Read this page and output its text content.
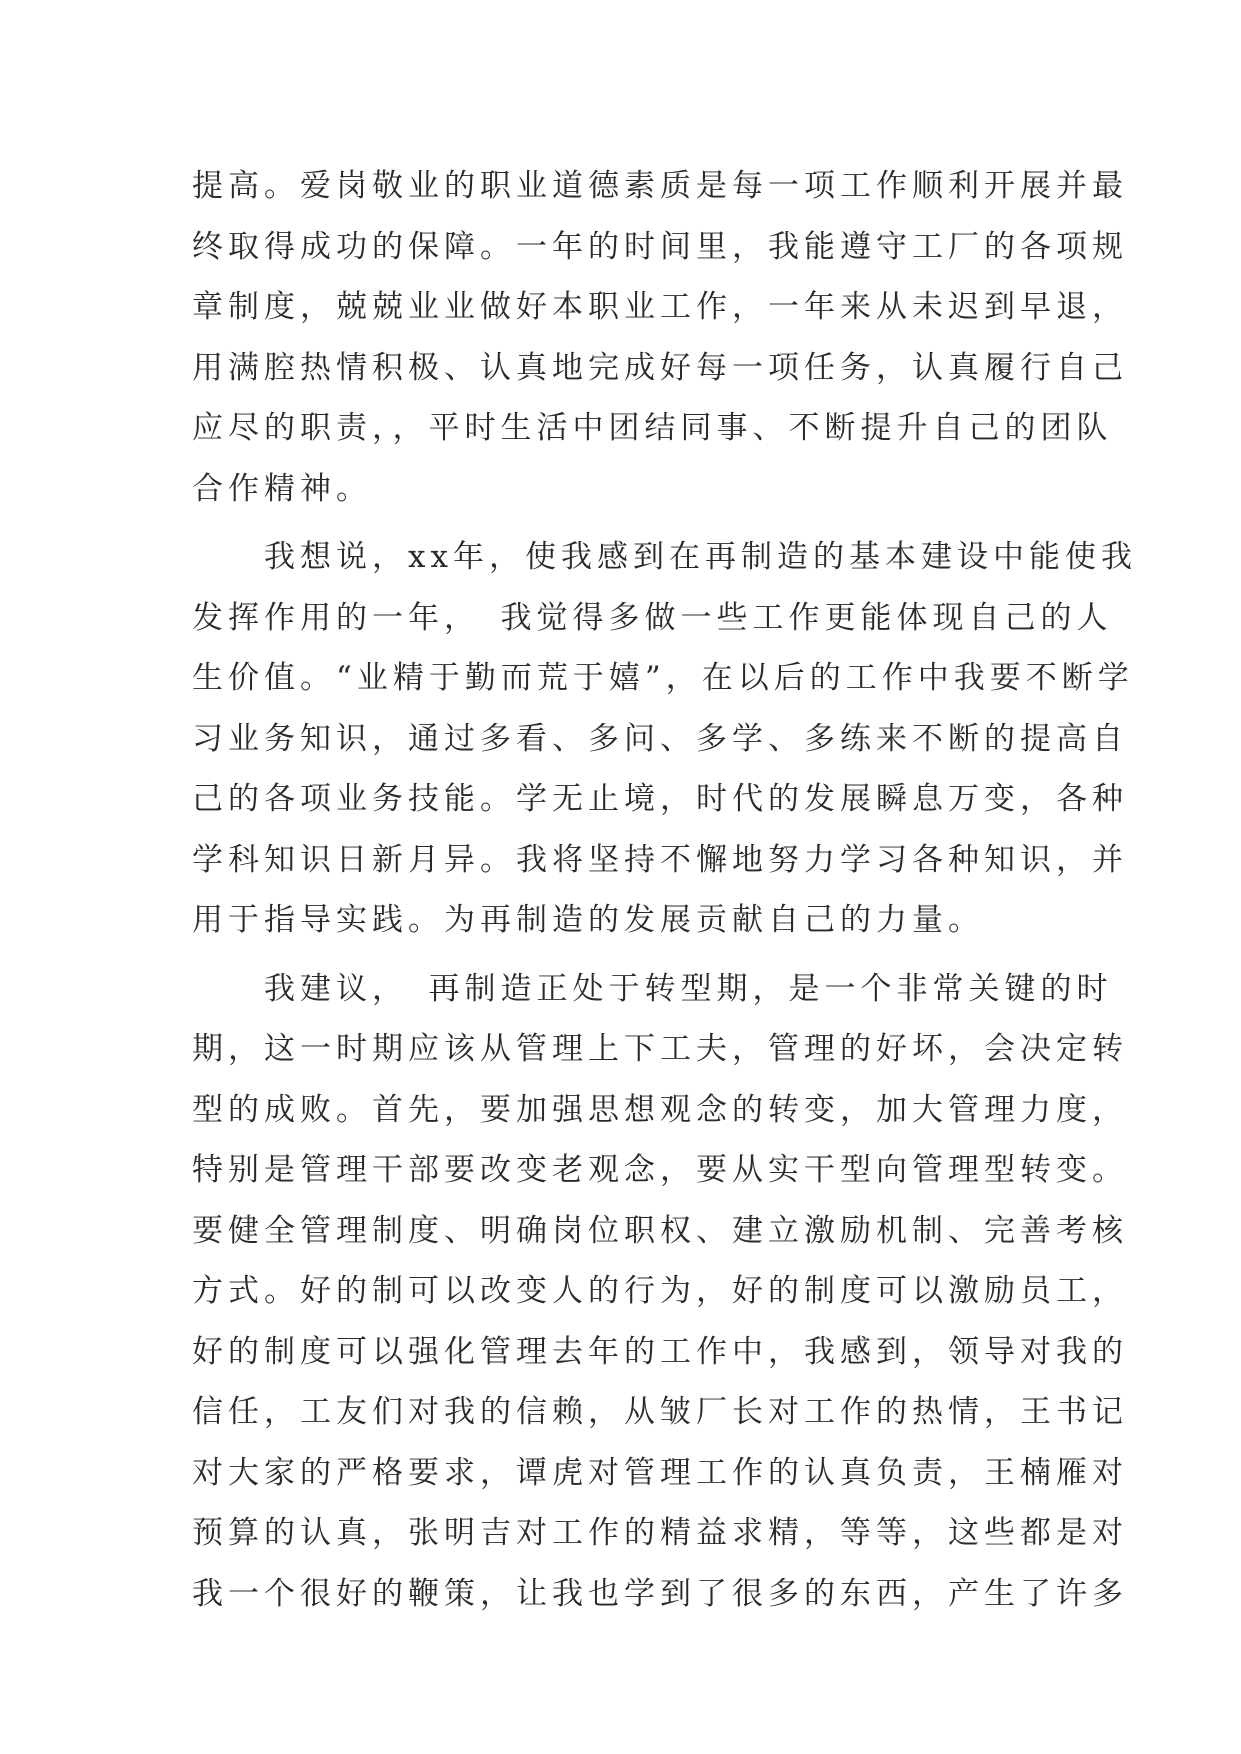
提高。爱岗敬业的职业道德素质是每一项工作顺利开展并最
终取得成功的保障。一年的时间里，我能遵守工厂的各项规
章制度，兢兢业业做好本职业工作，一年来从未迟到早退，
用满腔热情积极、认真地完成好每一项任务，认真履行自己
应尽的职责，，平时生活中团结同事、不断提升自己的团队
合作精神。
　　我想说，xx年，使我感到在再制造的基本建设中能使我
发挥作用的一年，　我觉得多做一些工作更能体现自己的人
生价值。“业精于勤而荒于嬉”，在以后的工作中我要不断学
习业务知识，通过多看、多问、多学、多练来不断的提高自
己的各项业务技能。学无止境，时代的发展瞬息万变，各种
学科知识日新月异。我将坚持不懈地努力学习各种知识，并
用于指导实践。为再制造的发展贡献自己的力量。
　　我建议，　再制造正处于转型期，是一个非常关键的时
期，这一时期应该从管理上下工夫，管理的好坏，会决定转
型的成败。首先，要加强思想观念的转变，加大管理力度，
特别是管理干部要改变老观念，要从实干型向管理型转变。
要健全管理制度、明确岗位职权、建立激励机制、完善考核
方式。好的制可以改变人的行为，好的制度可以激励员工，
好的制度可以强化管理去年的工作中，我感到，领导对我的
信任，工友们对我的信赖，从皱厂长对工作的热情，王书记
对大家的严格要求，谭虎对管理工作的认真负责，王楠雁对
预算的认真，张明吉对工作的精益求精，等等，这些都是对
我一个很好的鞭策，让我也学到了很多的东西，产生了许多
